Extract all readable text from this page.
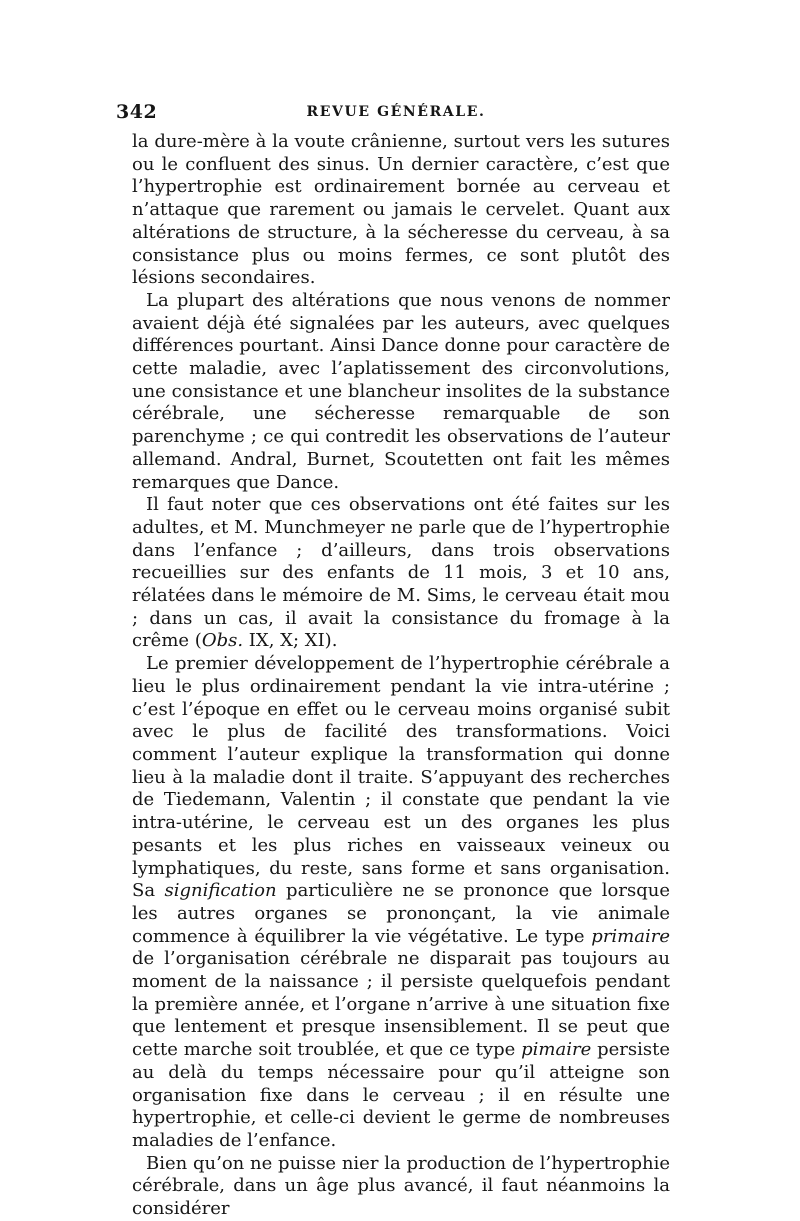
342	REVUE GÉNÉRALE.

la dure-mère à la voute crânienne, surtout vers les sutures ou le confluent des sinus. Un dernier caractère, c’est que l’hypertrophie est ordinairement bornée au cerveau et n’attaque que rarement ou jamais le cervelet. Quant aux altérations de structure, à la sécheresse du cerveau, à sa consistance plus ou moins fermes, ce sont plutôt des lésions secondaires.

La plupart des altérations que nous venons de nommer avaient déjà été signalées par les auteurs, avec quelques différences pourtant. Ainsi Dance donne pour caractère de cette maladie, avec l’aplatissement des circonvolutions, une consistance et une blancheur insolites de la substance cérébrale, une sécheresse remarquable de son parenchyme ; ce qui contredit les observations de l’auteur allemand. Andral, Burnet, Scoutetten ont fait les mêmes remarques que Dance.

Il faut noter que ces observations ont été faites sur les adultes, et M. Munchmeyer ne parle que de l’hypertrophie dans l’enfance ; d’ailleurs, dans trois observations recueillies sur des enfants de 11 mois, 3 et 10 ans, rélatées dans le mémoire de M. Sims, le cerveau était mou ; dans un cas, il avait la consistance du fromage à la crême (Obs. IX, X; XI).

Le premier développement de l’hypertrophie cérébrale a lieu le plus ordinairement pendant la vie intra-utérine ; c’est l’époque en effet ou le cerveau moins organisé subit avec le plus de facilité des transformations. Voici comment l’auteur explique la transformation qui donne lieu à la maladie dont il traite. S’appuyant des recherches de Tiedemann, Valentin ; il constate que pendant la vie intra-utérine, le cerveau est un des organes les plus pesants et les plus riches en vaisseaux veineux ou lymphatiques, du reste, sans forme et sans organisation. Sa signification particulière ne se prononce que lorsque les autres organes se prononçant, la vie animale commence à équilibrer la vie végétative. Le type primaire de l’organisation cérébrale ne disparait pas toujours au moment de la naissance ; il persiste quelquefois pendant la première année, et l’organe n’arrive à une situation fixe que lentement et presque insensiblement. Il se peut que cette marche soit troublée, et que ce type pimaire persiste au delà du temps nécessaire pour qu’il atteigne son organisation fixe dans le cerveau ; il en résulte une hypertrophie, et celle-ci devient le germe de nombreuses maladies de l’enfance.

Bien qu’on ne puisse nier la production de l’hypertrophie cérébrale, dans un âge plus avancé, il faut néanmoins la considérer
